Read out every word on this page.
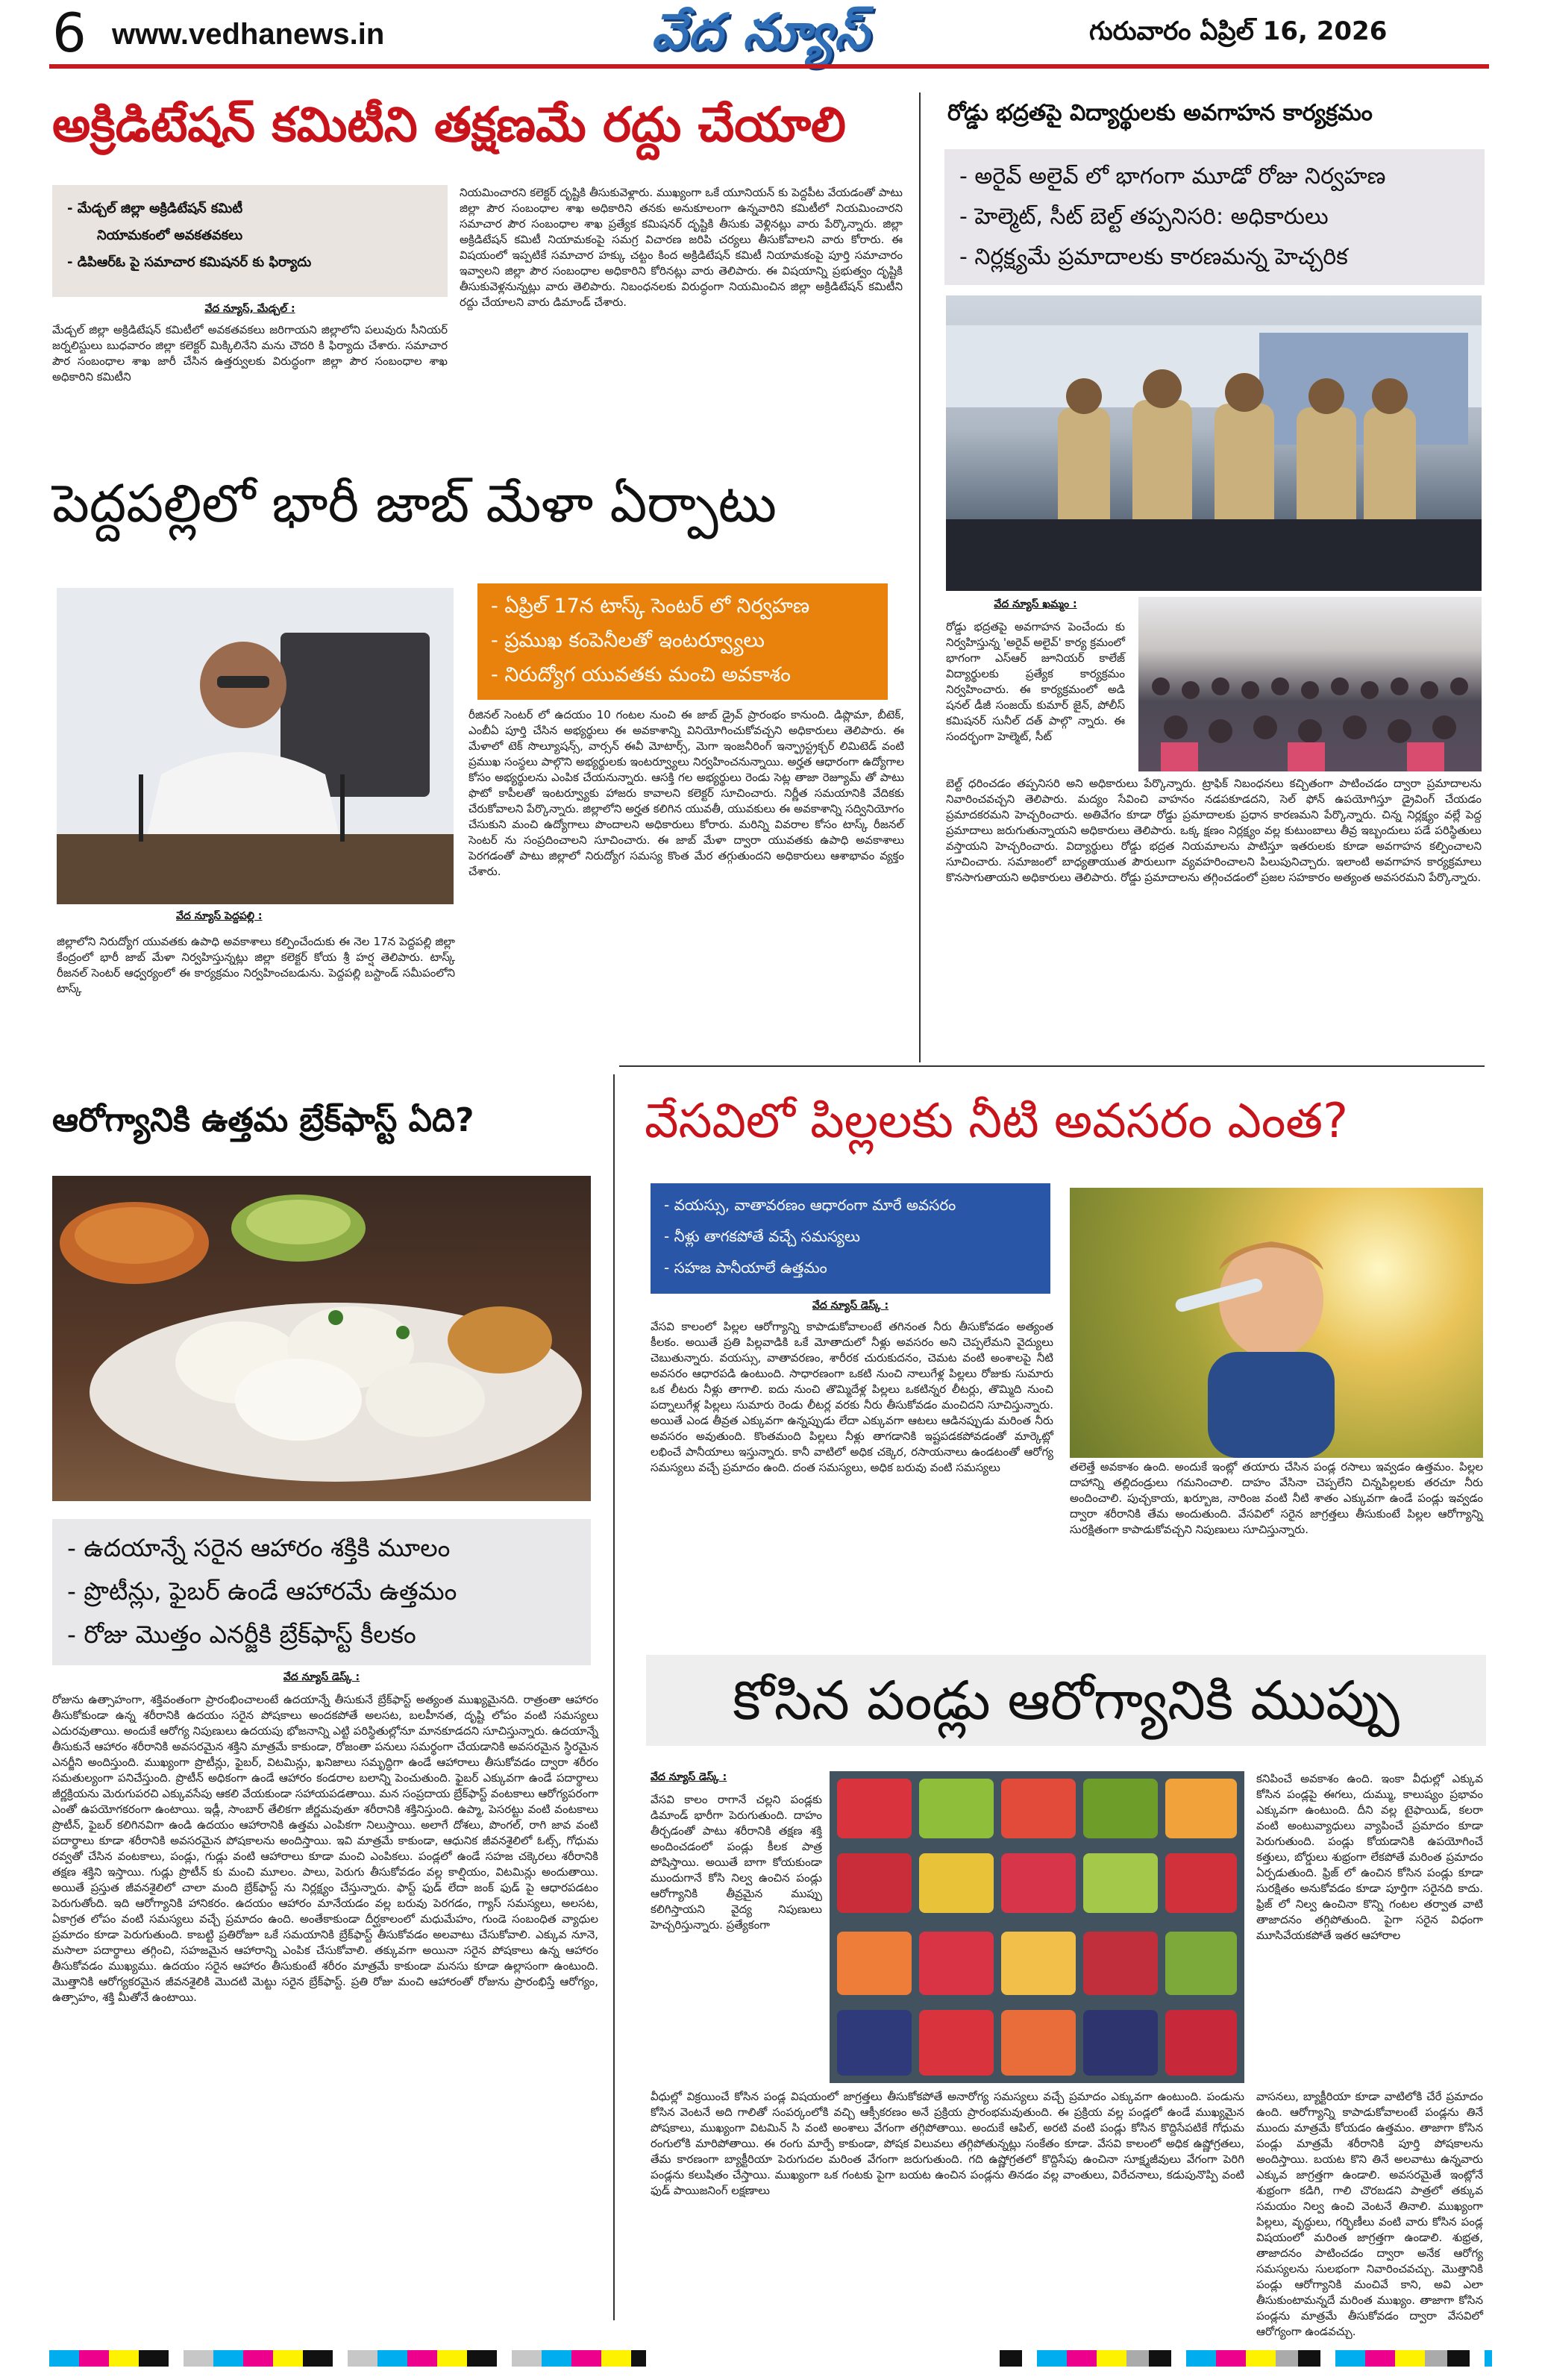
6 www.vedhanews.in	వేద న్యూస్	గురువారం ఏప్రిల్ 16, 2026
అక్రిడిటేషన్ కమిటీని తక్షణమే రద్దు చేయాలి
- మేడ్చల్ జిల్లా అక్రిడిటేషన్ కమిటీ
నియామకంలో అవకతవకలు
- డిపిఆర్ఓ పై సమాచార కమిషనర్ కు ఫిర్యాదు
వేద న్యూస్, మేడ్చల్ :
మేడ్చల్ జిల్లా అక్రిడిటేషన్ కమిటీలో అవకతవకలు జరిగాయని జిల్లాలోని పలువురు సీనియర్ జర్నలిస్టులు బుధవారం జిల్లా కలెక్టర్ మిక్కిలినేని మను చౌదరి కి ఫిర్యాదు చేశారు. సమాచార పౌర సంబంధాల శాఖ జారీ చేసిన ఉత్తర్వులకు విరుద్ధంగా జిల్లా పౌర సంబంధాల శాఖ అధికారిని కమిటీని
నియమించారని కలెక్టర్ దృష్టికి తీసుకువెళ్లారు. ముఖ్యంగా ఒకే యూనియన్ కు పెద్దపీట వేయడంతో పాటు జిల్లా పౌర సంబంధాల శాఖ అధికారిని తనకు అనుకూలంగా ఉన్నవారిని కమిటీలో నియమించారని సమాచార పౌర సంబంధాల శాఖ ప్రత్యేక కమిషనర్ దృష్టికి తీసుకు వెళ్లినట్లు వారు పేర్కొన్నారు. జిల్లా అక్రిడిటేషన్ కమిటీ నియామకంపై సమగ్ర విచారణ జరిపి చర్యలు తీసుకోవాలని వారు కోరారు. ఈ విషయంలో ఇప్పటికే సమాచార హక్కు చట్టం కింద అక్రిడిటేషన్ కమిటీ నియామకంపై పూర్తి సమాచారం ఇవ్వాలని జిల్లా పౌర సంబంధాల అధికారిని కోరినట్లు వారు తెలిపారు. ఈ విషయాన్ని ప్రభుత్వం దృష్టికి తీసుకువెళ్లనున్నట్లు వారు తెలిపారు. నిబంధనలకు విరుద్ధంగా నియమించిన జిల్లా అక్రిడిటేషన్ కమిటీని రద్దు చేయాలని వారు డిమాండ్ చేశారు.
రోడ్డు భద్రతపై విద్యార్థులకు అవగాహన కార్యక్రమం
- అరైవ్ అలైవ్ లో భాగంగా మూడో రోజు నిర్వహణ
- హెల్మెట్, సీట్ బెల్ట్ తప్పనిసరి: అధికారులు
- నిర్లక్ష్యమే ప్రమాదాలకు కారణమన్న హెచ్చరిక
వేద న్యూస్ ఖమ్మం :
రోడ్డు భద్రతపై అవగాహన పెంచేందు కు నిర్వహిస్తున్న 'అరైవ్ అలైవ్' కార్య క్రమంలో భాగంగా ఎస్ఆర్ జూనియర్ కాలేజ్ విద్యార్థులకు ప్రత్యేక కార్యక్రమం నిర్వహించారు. ఈ కార్యక్రమంలో అడి షనల్ డీజీ సంజయ్ కుమార్ జైన్, పోలీస్ కమిషనర్ సునీల్ దత్ పాల్గొ న్నారు. ఈ సందర్భంగా హెల్మెట్, సీట్
బెల్ట్ ధరించడం తప్పనిసరి అని అధికారులు పేర్కొన్నారు. ట్రాఫిక్ నిబంధనలు కచ్చితంగా పాటించడం ద్వారా ప్రమాదాలను నివారించవచ్చని తెలిపారు. మద్యం సేవించి వాహనం నడపకూడదని, సెల్ ఫోన్ ఉపయోగిస్తూ డ్రైవింగ్ చేయడం ప్రమాదకరమని హెచ్చరించారు. అతివేగం కూడా రోడ్డు ప్రమాదాలకు ప్రధాన కారణమని పేర్కొన్నారు. చిన్న నిర్లక్ష్యం వల్లే పెద్ద ప్రమాదాలు జరుగుతున్నాయని అధికారులు తెలిపారు. ఒక్క క్షణం నిర్లక్ష్యం వల్ల కుటుంబాలు తీవ్ర ఇబ్బందులు పడే పరిస్థితులు వస్తాయని హెచ్చరించారు. విద్యార్థులు రోడ్డు భద్రత నియమాలను పాటిస్తూ ఇతరులకు కూడా అవగాహన కల్పించాలని సూచించారు. సమాజంలో బాధ్యతాయుత పౌరులుగా వ్యవహరించాలని పిలుపునిచ్చారు. ఇలాంటి అవగాహన కార్యక్రమాలు కొనసాగుతాయని అధికారులు తెలిపారు. రోడ్డు ప్రమాదాలను తగ్గించడంలో ప్రజల సహకారం అత్యంత అవసరమని పేర్కొన్నారు.
పెద్దపల్లిలో భారీ జాబ్ మేళా ఏర్పాటు
వేద న్యూస్ పెద్దపల్లి :
- ఏప్రిల్ 17న టాస్క్ సెంటర్ లో నిర్వహణ
- ప్రముఖ కంపెనీలతో ఇంటర్వ్యూలు
- నిరుద్యోగ యువతకు మంచి అవకాశం
రీజినల్ సెంటర్ లో ఉదయం 10 గంటల నుంచి ఈ జాబ్ డ్రైవ్ ప్రారంభం కానుంది. డిప్లొమా, బీటెక్, ఎంబీఏ పూర్తి చేసిన అభ్యర్థులు ఈ అవకాశాన్ని వినియోగించుకోవచ్చని అధికారులు తెలిపారు. ఈ మేళాలో టెక్ సొల్యూషన్స్, వార్సన్ ఈవీ మోటార్స్, మెగా ఇంజనీరింగ్ ఇన్ఫ్రాస్ట్రక్చర్ లిమిటెడ్ వంటి ప్రముఖ సంస్థలు పాల్గొని అభ్యర్థులకు ఇంటర్వ్యూలు నిర్వహించనున్నాయి. అర్హత ఆధారంగా ఉద్యోగాల కోసం అభ్యర్థులను ఎంపిక చేయనున్నారు. ఆసక్తి గల అభ్యర్థులు రెండు సెట్ల తాజా రెజ్యూమ్ తో పాటు ఫొటో కాపీలతో ఇంటర్వ్యూకు హాజరు కావాలని కలెక్టర్ సూచించారు. నిర్ణీత సమయానికి వేదికకు చేరుకోవాలని పేర్కొన్నారు. జిల్లాలోని అర్హత కలిగిన యువతీ, యువకులు ఈ అవకాశాన్ని సద్వినియోగం చేసుకుని మంచి ఉద్యోగాలు పొందాలని అధికారులు కోరారు. మరిన్ని వివరాల కోసం టాస్క్ రీజనల్ సెంటర్ ను సంప్రదించాలని సూచించారు. ఈ జాబ్ మేళా ద్వారా యువతకు ఉపాధి అవకాశాలు పెరగడంతో పాటు జిల్లాలో నిరుద్యోగ సమస్య కొంత మేర తగ్గుతుందని అధికారులు ఆశాభావం వ్యక్తం చేశారు.
జిల్లాలోని నిరుద్యోగ యువతకు ఉపాధి అవకాశాలు కల్పించేందుకు ఈ నెల 17న పెద్దపల్లి జిల్లా కేంద్రంలో భారీ జాబ్ మేళా నిర్వహిస్తున్నట్లు జిల్లా కలెక్టర్ కోయ శ్రీ హర్ష తెలిపారు. టాస్క్ రీజనల్ సెంటర్ ఆధ్వర్యంలో ఈ కార్యక్రమం నిర్వహించబడును. పెద్దపల్లి బస్టాండ్ సమీపంలోని టాస్క్
ఆరోగ్యానికి ఉత్తమ బ్రేక్‌ఫాస్ట్ ఏది?
- ఉదయాన్నే సరైన ఆహారం శక్తికి మూలం
- ప్రొటీన్లు, ఫైబర్ ఉండే ఆహారమే ఉత్తమం
- రోజు మొత్తం ఎనర్జీకి బ్రేక్‌ఫాస్ట్ కీలకం
వేద న్యూస్ డెస్క్ :
రోజును ఉత్సాహంగా, శక్తివంతంగా ప్రారంభించాలంటే ఉదయాన్నే తీసుకునే బ్రేక్‌ఫాస్ట్ అత్యంత ముఖ్యమైనది. రాత్రంతా ఆహారం తీసుకోకుండా ఉన్న శరీరానికి ఉదయం సరైన పోషకాలు అందకపోతే అలసట, బలహీనత, దృష్టి లోపం వంటి సమస్యలు ఎదురవుతాయి. అందుకే ఆరోగ్య నిపుణులు ఉదయపు భోజనాన్ని ఎట్టి పరిస్థితుల్లోనూ మానకూడదని సూచిస్తున్నారు. ఉదయాన్నే తీసుకునే ఆహారం శరీరానికి అవసరమైన శక్తిని మాత్రమే కాకుండా, రోజంతా పనులు సమర్థంగా చేయడానికి అవసరమైన స్థిరమైన ఎనర్జీని అందిస్తుంది. ముఖ్యంగా ప్రొటీన్లు, ఫైబర్, విటమిన్లు, ఖనిజాలు సమృద్ధిగా ఉండే ఆహారాలు తీసుకోవడం ద్వారా శరీరం సమతుల్యంగా పనిచేస్తుంది. ప్రొటీన్ అధికంగా ఉండే ఆహారం కండరాల బలాన్ని పెంచుతుంది. ఫైబర్ ఎక్కువగా ఉండే పదార్థాలు జీర్ణక్రియను మెరుగుపరచి ఎక్కువసేపు ఆకలి వేయకుండా సహాయపడతాయి. మన సంప్రదాయ బ్రేక్‌ఫాస్ట్ వంటకాలు ఆరోగ్యపరంగా ఎంతో ఉపయోగకరంగా ఉంటాయి. ఇడ్లీ, సాంబార్ తేలికగా జీర్ణమవుతూ శరీరానికి శక్తినిస్తుంది. ఉప్మా, పెసరట్టు వంటి వంటకాలు ప్రొటీన్, ఫైబర్ కలిగినవిగా ఉండి ఉదయం ఆహారానికి ఉత్తమ ఎంపికగా నిలుస్తాయి. అలాగే దోశలు, పొంగల్, రాగి జావ వంటి పదార్థాలు కూడా శరీరానికి అవసరమైన పోషకాలను అందిస్తాయి. ఇవి మాత్రమే కాకుండా, ఆధునిక జీవనశైలిలో ఓట్స్, గోధుమ రవ్వతో చేసిన వంటకాలు, పండ్లు, గుడ్లు వంటి ఆహారాలు కూడా మంచి ఎంపికలు. పండ్లలో ఉండే సహజ చక్కెరలు శరీరానికి తక్షణ శక్తిని ఇస్తాయి. గుడ్లు ప్రొటీన్ కు మంచి మూలం. పాలు, పెరుగు తీసుకోవడం వల్ల కాల్షియం, విటమిన్లు అందుతాయి. అయితే ప్రస్తుత జీవనశైలిలో చాలా మంది బ్రేక్‌ఫాస్ట్ ను నిర్లక్ష్యం చేస్తున్నారు. ఫాస్ట్ ఫుడ్ లేదా జంక్ ఫుడ్ పై ఆధారపడటం పెరుగుతోంది. ఇది ఆరోగ్యానికి హానికరం. ఉదయం ఆహారం మానేయడం వల్ల బరువు పెరగడం, గ్యాస్ సమస్యలు, అలసట, ఏకాగ్రత లోపం వంటి సమస్యలు వచ్చే ప్రమాదం ఉంది. అంతేకాకుండా దీర్ఘకాలంలో మధుమేహం, గుండె సంబంధిత వ్యాధుల ప్రమాదం కూడా పెరుగుతుంది. కాబట్టి ప్రతిరోజూ ఒకే సమయానికి బ్రేక్‌ఫాస్ట్ తీసుకోవడం అలవాటు చేసుకోవాలి. ఎక్కువ నూనె, మసాలా పదార్థాలు తగ్గించి, సహజమైన ఆహారాన్ని ఎంపిక చేసుకోవాలి. తక్కువగా అయినా సరైన పోషకాలు ఉన్న ఆహారం తీసుకోవడం ముఖ్యము. ఉదయం సరైన ఆహారం తీసుకుంటే శరీరం మాత్రమే కాకుండా మనసు కూడా ఉల్లాసంగా ఉంటుంది. మొత్తానికి ఆరోగ్యకరమైన జీవనశైలికి మొదటి మెట్టు సరైన బ్రేక్‌ఫాస్ట్. ప్రతి రోజు మంచి ఆహారంతో రోజును ప్రారంభిస్తే ఆరోగ్యం, ఉత్సాహం, శక్తి మీతోనే ఉంటాయి.
వేసవిలో పిల్లలకు నీటి అవసరం ఎంత?
- వయస్సు, వాతావరణం ఆధారంగా మారే అవసరం
- నీళ్లు తాగకపోతే వచ్చే సమస్యలు
- సహజ పానీయాలే ఉత్తమం
వేద న్యూస్ డెస్క్ :
వేసవి కాలంలో పిల్లల ఆరోగ్యాన్ని కాపాడుకోవాలంటే తగినంత నీరు తీసుకోవడం అత్యంత కీలకం. అయితే ప్రతి పిల్లవాడికి ఒకే మోతాదులో నీళ్లు అవసరం అని చెప్పలేమని వైద్యులు చెబుతున్నారు. వయస్సు, వాతావరణం, శారీరక చురుకుదనం, చెమట వంటి అంశాలపై నీటి అవసరం ఆధారపడి ఉంటుంది. సాధారణంగా ఒకటి నుంచి నాలుగేళ్ల పిల్లలు రోజుకు సుమారు ఒక లీటరు నీళ్లు తాగాలి. ఐదు నుంచి తొమ్మిదేళ్ల పిల్లలు ఒకటిన్నర లీటర్లు, తొమ్మిది నుంచి పద్నాలుగేళ్ల పిల్లలు సుమారు రెండు లీటర్ల వరకు నీరు తీసుకోవడం మంచిదని సూచిస్తున్నారు. అయితే ఎండ తీవ్రత ఎక్కువగా ఉన్నప్పుడు లేదా ఎక్కువగా ఆటలు ఆడినప్పుడు మరింత నీరు అవసరం అవుతుంది. కొంతమంది పిల్లలు నీళ్లు తాగడానికి ఇష్టపడకపోవడంతో మార్కెట్లో లభించే పానీయాలు ఇస్తున్నారు. కానీ వాటిలో అధిక చక్కెర, రసాయనాలు ఉండటంతో ఆరోగ్య సమస్యలు వచ్చే ప్రమాదం ఉంది. దంత సమస్యలు, అధిక బరువు వంటి సమస్యలు	తలెత్తే అవకాశం ఉంది. అందుకే ఇంట్లో తయారు చేసిన పండ్ల రసాలు ఇవ్వడం ఉత్తమం. పిల్లల దాహాన్ని తల్లిదండ్రులు గమనించాలి. దాహం వేసినా చెప్పలేని చిన్నపిల్లలకు తరచూ నీరు అందించాలి. పుచ్చకాయ, ఖర్బూజ, నారింజ వంటి నీటి శాతం ఎక్కువగా ఉండే పండ్లు ఇవ్వడం ద్వారా శరీరానికి తేమ అందుతుంది. వేసవిలో సరైన జాగ్రత్తలు తీసుకుంటే పిల్లల ఆరోగ్యాన్ని సురక్షితంగా కాపాడుకోవచ్చని నిపుణులు సూచిస్తున్నారు.
కోసిన పండ్లు ఆరోగ్యానికి ముప్పు
వేద న్యూస్ డెస్క్ :
వేసవి కాలం రాగానే చల్లని పండ్లకు డిమాండ్ భారీగా పెరుగుతుంది. దాహం తీర్చడంతో పాటు శరీరానికి తక్షణ శక్తి అందించడంలో పండ్లు కీలక పాత్ర పోషిస్తాయి. అయితే బాగా కోయకుండా ముందుగానే కోసి నిల్వ ఉంచిన పండ్లు ఆరోగ్యానికి తీవ్రమైన ముప్పు కలిగిస్తాయని వైద్య నిపుణులు హెచ్చరిస్తున్నారు. ప్రత్యేకంగా
కనిపించే అవకాశం ఉంది. ఇంకా వీధుల్లో ఎక్కువ కోసిన పండ్లపై ఈగలు, దుమ్ము, కాలుష్యం ప్రభావం ఎక్కువగా ఉంటుంది. దీని వల్ల టైఫాయిడ్, కలరా వంటి అంటువ్యాధులు వ్యాపించే ప్రమాదం కూడా పెరుగుతుంది. పండ్లు కోయడానికి ఉపయోగించే కత్తులు, బోర్డులు శుభ్రంగా లేకపోతే మరింత ప్రమాదం ఏర్పడుతుంది. ఫ్రిజ్ లో ఉంచిన కోసిన పండ్లు కూడా సురక్షితం అనుకోవడం కూడా పూర్తిగా సరైనది కాదు. ఫ్రిజ్ లో నిల్వ ఉంచినా కొన్ని గంటల తర్వాత వాటి తాజాదనం తగ్గిపోతుంది. పైగా సరైన విధంగా మూసివేయకపోతే ఇతర ఆహారాల
వీధుల్లో విక్రయించే కోసిన పండ్ల విషయంలో జాగ్రత్తలు తీసుకోకపోతే అనారోగ్య సమస్యలు వచ్చే ప్రమాదం ఎక్కువగా ఉంటుంది. పండును కోసిన వెంటనే అది గాలితో సంపర్కంలోకి వచ్చి ఆక్సీకరణం అనే ప్రక్రియ ప్రారంభమవుతుంది. ఈ ప్రక్రియ వల్ల పండ్లలో ఉండే ముఖ్యమైన పోషకాలు, ముఖ్యంగా విటమిన్ సి వంటి అంశాలు వేగంగా తగ్గిపోతాయి. అందుకే ఆపిల్, అరటి వంటి పండ్లు కోసిన కొద్దిసేపటికే గోధుమ రంగులోకి మారిపోతాయి. ఈ రంగు మార్పే కాకుండా, పోషక విలువలు తగ్గిపోతున్నట్లు సంకేతం కూడా. వేసవి కాలంలో అధిక ఉష్ణోగ్రతలు, తేమ కారణంగా బ్యాక్టీరియా పెరుగుదల మరింత వేగంగా జరుగుతుంది. గది ఉష్ణోగ్రతలో కొద్దిసేపు ఉంచినా సూక్ష్మజీవులు వేగంగా పెరిగి పండ్లను కలుషితం చేస్తాయి. ముఖ్యంగా ఒక గంటకు పైగా బయట ఉంచిన పండ్లను తినడం వల్ల వాంతులు, విరేచనాలు, కడుపునొప్పి వంటి ఫుడ్ పాయిజనింగ్ లక్షణాలు
వాసనలు, బ్యాక్టీరియా కూడా వాటిలోకి చేరే ప్రమాదం ఉంది. ఆరోగ్యాన్ని కాపాడుకోవాలంటే పండ్లను తినే ముందు మాత్రమే కోయడం ఉత్తమం. తాజాగా కోసిన పండ్లు మాత్రమే శరీరానికి పూర్తి పోషకాలను అందిస్తాయి. బయట కొని తినే అలవాటు ఉన్నవారు ఎక్కువ జాగ్రత్తగా ఉండాలి. అవసరమైతే ఇంట్లోనే శుభ్రంగా కడిగి, గాలి చొరబడని పాత్రలో తక్కువ సమయం నిల్వ ఉంచి వెంటనే తినాలి. ముఖ్యంగా పిల్లలు, వృద్ధులు, గర్భిణీలు వంటి వారు కోసిన పండ్ల విషయంలో మరింత జాగ్రత్తగా ఉండాలి. శుభ్రత, తాజాదనం పాటించడం ద్వారా అనేక ఆరోగ్య సమస్యలను సులభంగా నివారించవచ్చు. మొత్తానికి పండ్లు ఆరోగ్యానికి మంచివే కాని, అవి ఎలా తీసుకుంటామన్నదే మరింత ముఖ్యం. తాజాగా కోసిన పండ్లను మాత్రమే తీసుకోవడం ద్వారా వేసవిలో ఆరోగ్యంగా ఉండవచ్చు.
